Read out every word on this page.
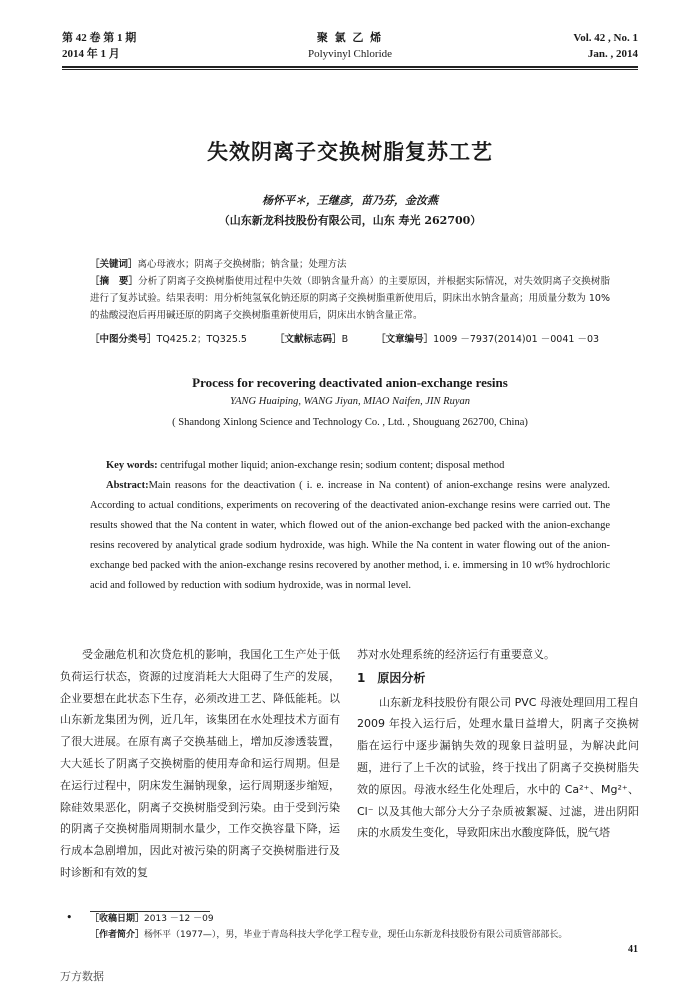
第 42 卷 第 1 期
2014 年 1 月
聚 氯 乙 烯
Polyvinyl Chloride
Vol. 42 , No. 1
Jan. , 2014
失效阴离子交换树脂复苏工艺
杨怀平＊，王继彦，苗乃芬，金汝燕
（山东新龙科技股份有限公司，山东 寿光 262700）
［关键词］离心母液水；阴离子交换树脂；钠含量；处理方法
［摘　要］分析了阴离子交换树脂使用过程中失效（即钠含量升高）的主要原因，并根据实际情况，对失效阴离子交换树脂进行了复苏试验。结果表明：用分析纯氢氧化钠还原的阴离子交换树脂重新使用后，阴床出水钠含量高；用质量分数为 10% 的盐酸浸泡后再用碱还原的阴离子交换树脂重新使用后，阴床出水钠含量正常。
［中图分类号］TQ425.2；TQ325.5	［文献标志码］B	［文章编号］1009 －7937(2014)01 －0041 －03
Process for recovering deactivated anion-exchange resins
YANG Huaiping, WANG Jiyan, MIAO Naifen, JIN Ruyan
( Shandong Xinlong Science and Technology Co. , Ltd. , Shouguang 262700, China)
Key words: centrifugal mother liquid; anion-exchange resin; sodium content; disposal method
Abstract:Main reasons for the deactivation ( i. e. increase in Na content) of anion-exchange resins were analyzed. According to actual conditions, experiments on recovering of the deactivated anion-exchange resins were carried out. The results showed that the Na content in water, which flowed out of the anion-exchange bed packed with the anion-exchange resins recovered by analytical grade sodium hydroxide, was high. While the Na content in water flowing out of the anion-exchange bed packed with the anion-exchange resins recovered by another method, i. e. immersing in 10 wt% hydrochloric acid and followed by reduction with sodium hydroxide, was in normal level.
受金融危机和次贷危机的影响，我国化工生产处于低负荷运行状态，资源的过度消耗大大阻碍了生产的发展，企业要想在此状态下生存，必须改进工艺、降低能耗。以山东新龙集团为例，近几年，该集团在水处理技术方面有了很大进展。在原有离子交换基础上，增加反渗透装置，大大延长了阴离子交换树脂的使用寿命和运行周期。但是在运行过程中，阴床发生漏钠现象，运行周期逐步缩短，除硅效果恶化，阴离子交换树脂受到污染。由于受到污染的阴离子交换树脂周期制水量少，工作交换容量下降，运行成本急剧增加，因此对被污染的阴离子交换树脂进行及时诊断和有效的复
苏对水处理系统的经济运行有重要意义。
1　原因分析
山东新龙科技股份有限公司 PVC 母液处理回用工程自 2009 年投入运行后，处理水量日益增大，阴离子交换树脂在运行中逐步漏钠失效的现象日益明显，为解决此问题，进行了上千次的试验，终于找出了阴离子交换树脂失效的原因。母液水经生化处理后，水中的 Ca²⁺、Mg²⁺、Cl⁻ 以及其他大部分大分子杂质被絮凝、过滤，进出阴阳床的水质发生变化，导致阳床出水酸度降低，脱气塔
• ［收稿日期］2013 －12 －09
［作者简介］杨怀平（1977—），男，毕业于青岛科技大学化学工程专业，现任山东新龙科技股份有限公司质管部部长。
41
万方数据
